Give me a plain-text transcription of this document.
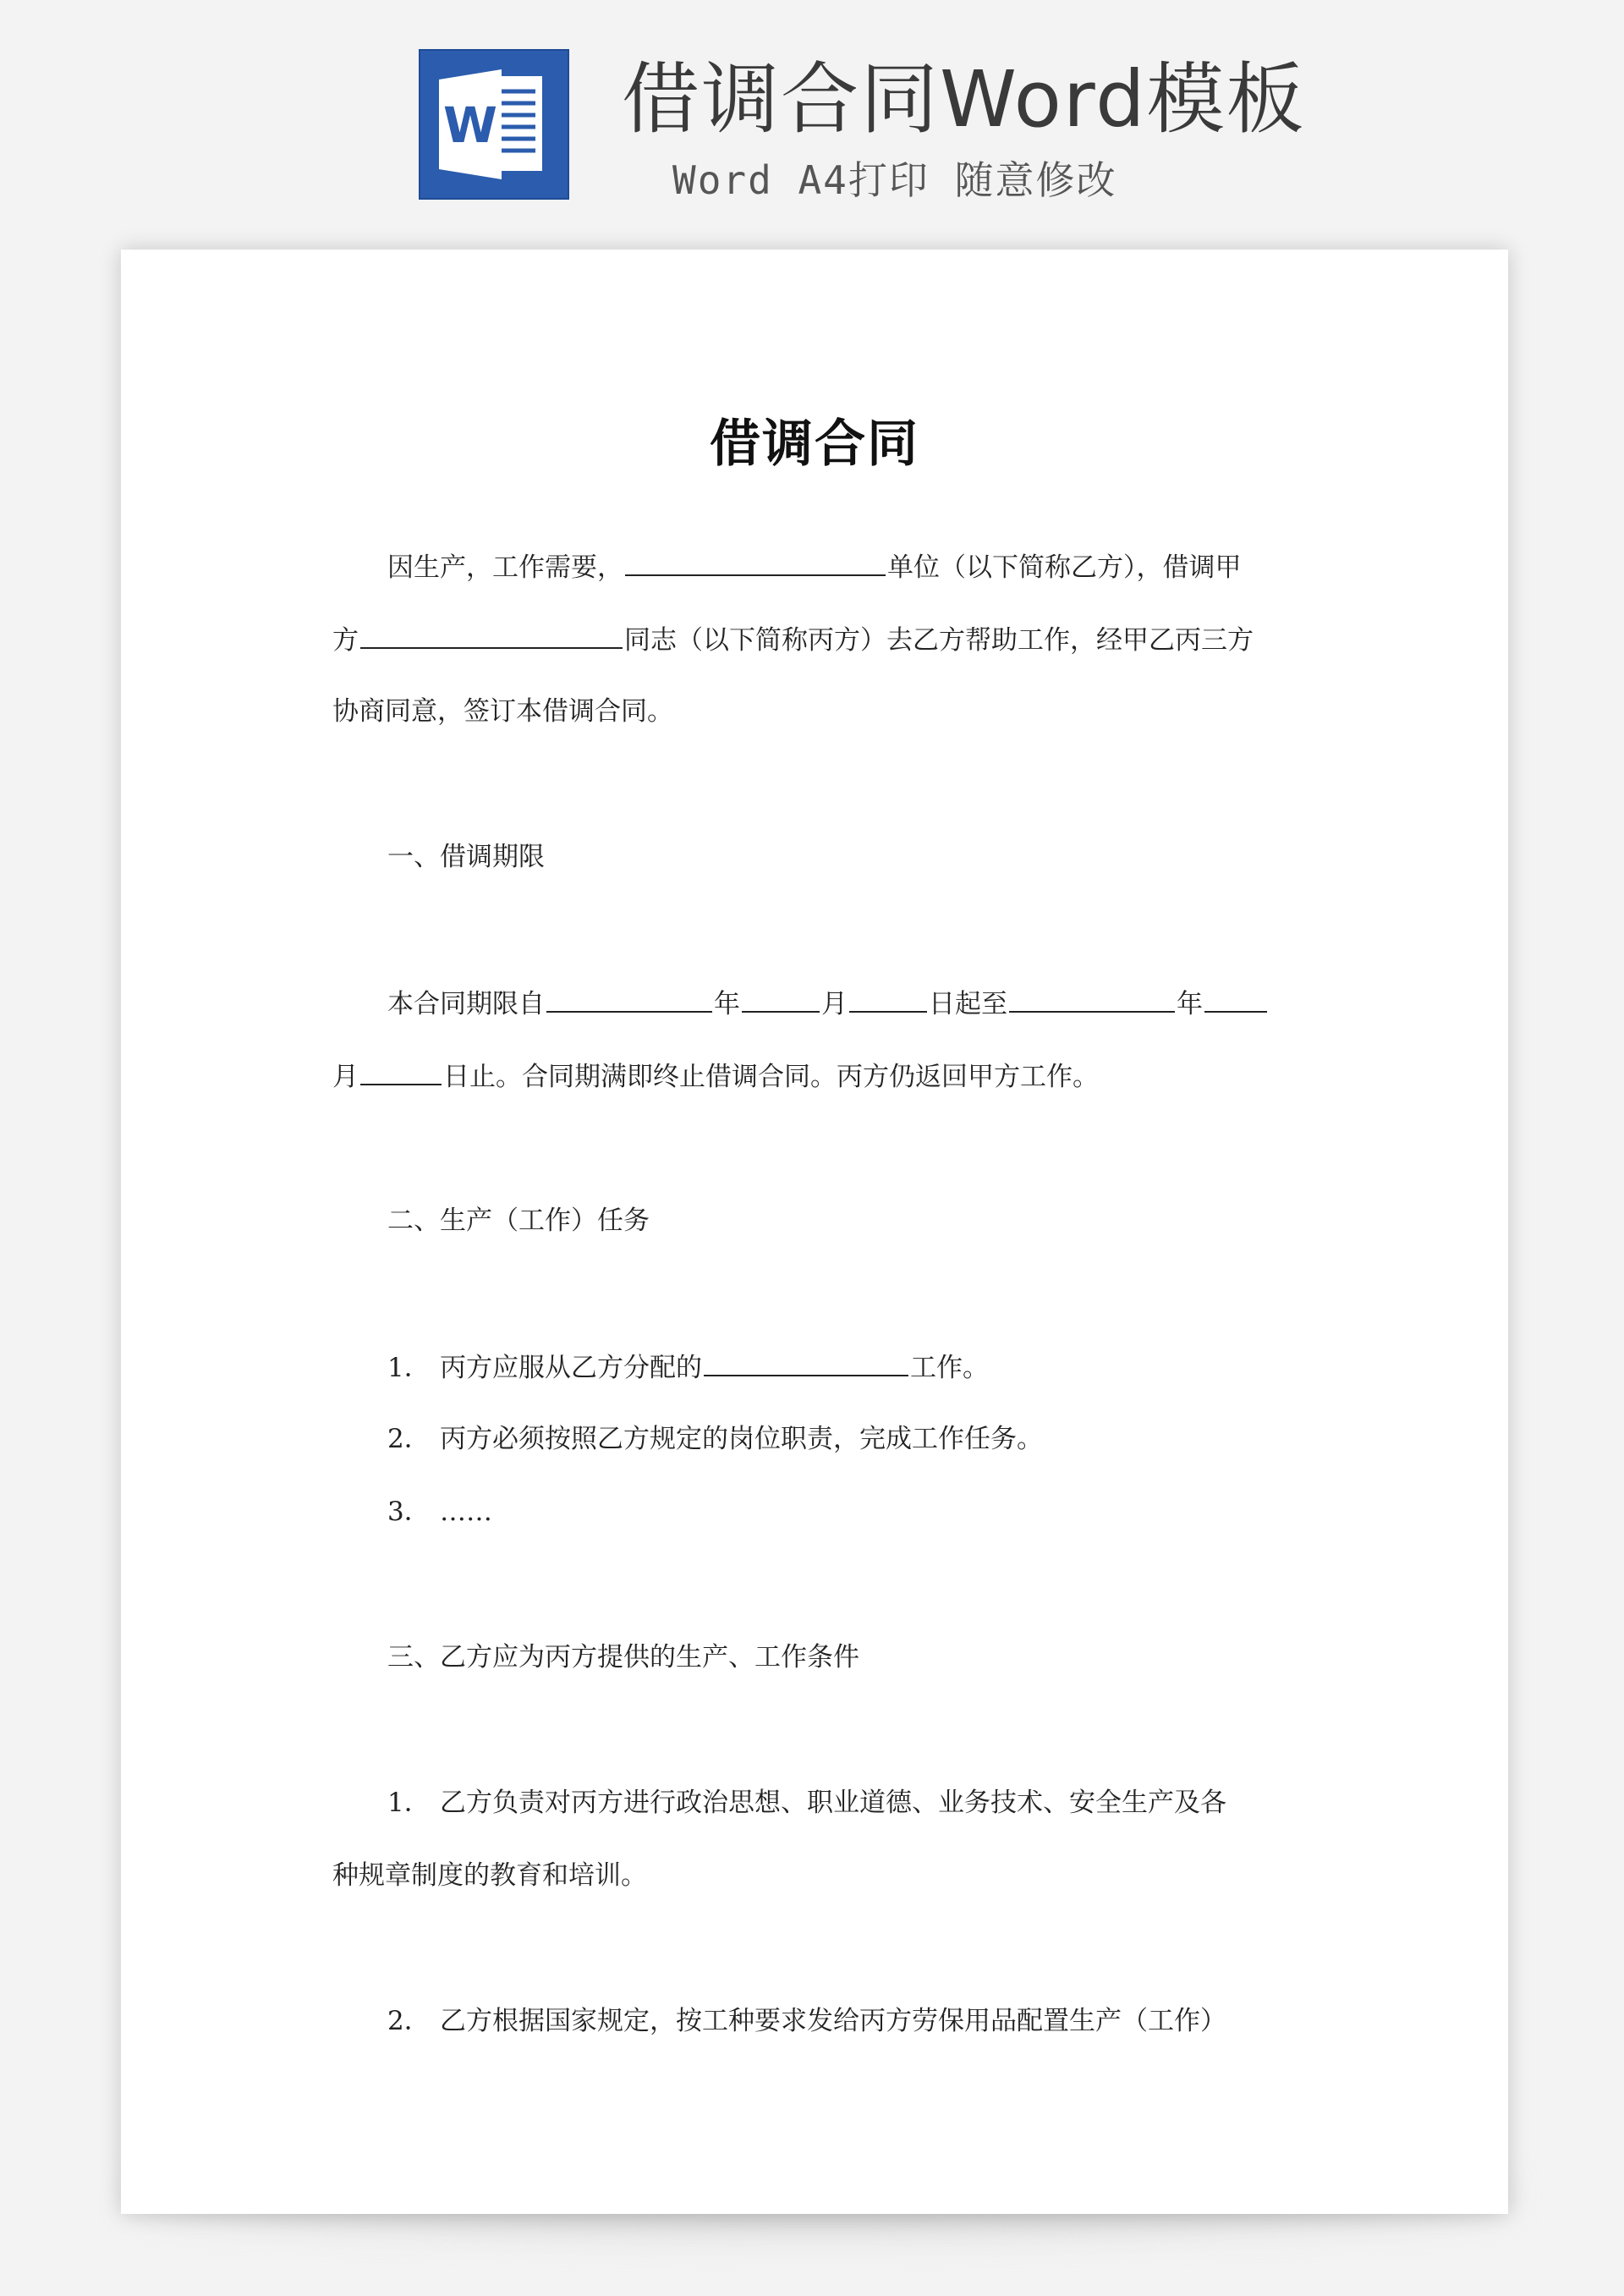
W 借调合同Word模板
Word A4打印 随意修改
借调合同
因生产，工作需要，	单位（以下简称乙方），借调甲
方	同志（以下简称丙方）去乙方帮助工作，经甲乙丙三方
协商同意，签订本借调合同。
一、借调期限
本合同期限自	年	月	日起至	年
月	日止。合同期满即终止借调合同。丙方仍返回甲方工作。
二、生产（工作）任务
1． 丙方应服从乙方分配的	工作。
2． 丙方必须按照乙方规定的岗位职责，完成工作任务。
3． ……
三、乙方应为丙方提供的生产、工作条件
1． 乙方负责对丙方进行政治思想、职业道德、业务技术、安全生产及各
种规章制度的教育和培训。
2． 乙方根据国家规定，按工种要求发给丙方劳保用品配置生产（工作）
